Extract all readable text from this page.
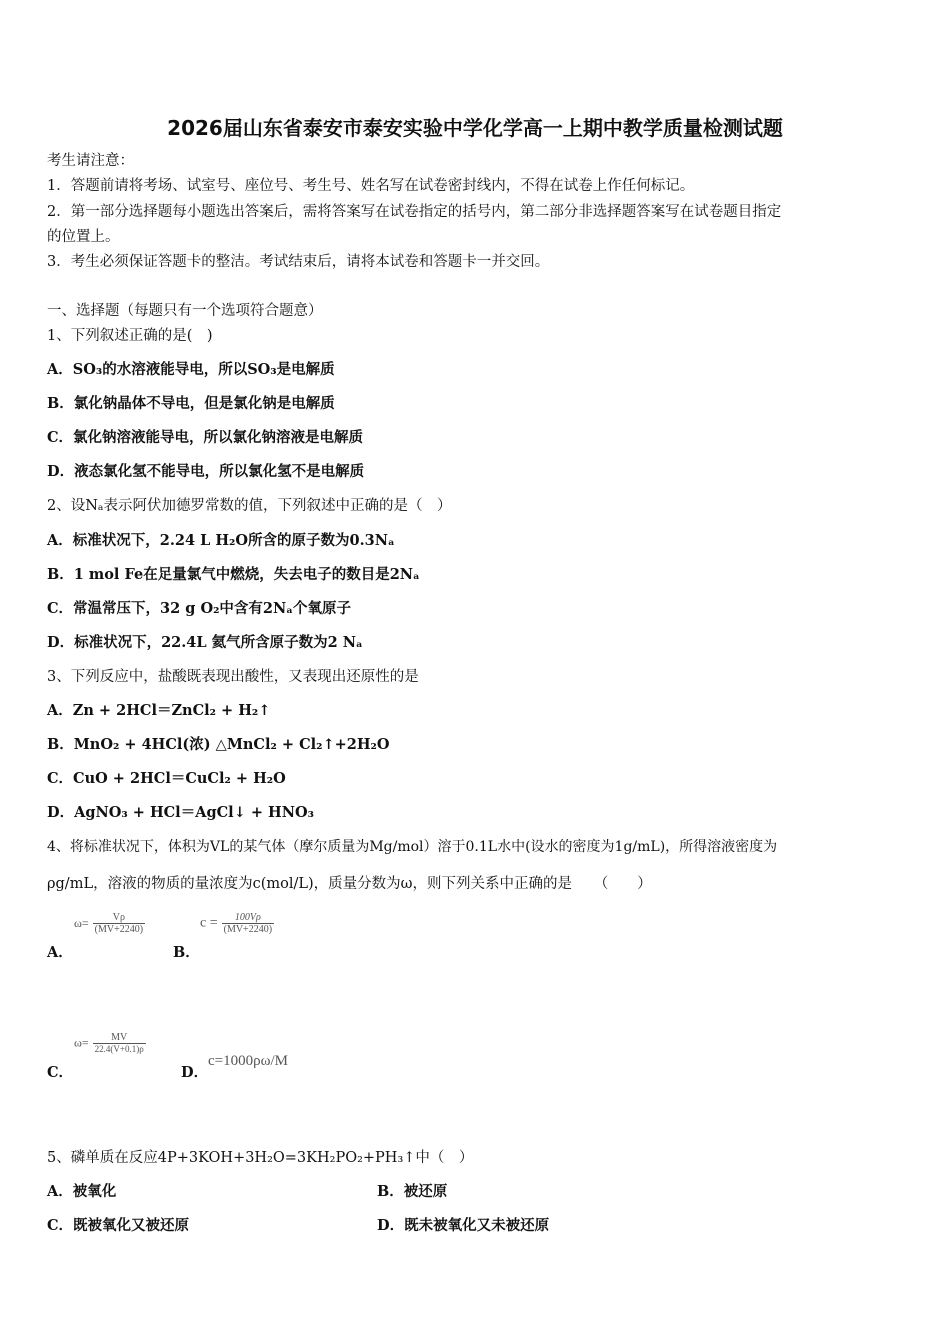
2026届山东省泰安市泰安实验中学化学高一上期中教学质量检测试题
考生请注意：
1．答题前请将考场、试室号、座位号、考生号、姓名写在试卷密封线内，不得在试卷上作任何标记。
2．第一部分选择题每小题选出答案后，需将答案写在试卷指定的括号内，第二部分非选择题答案写在试卷题目指定
的位置上。
3．考生必须保证答题卡的整洁。考试结束后，请将本试卷和答题卡一并交回。
一、选择题（每题只有一个选项符合题意）
1、下列叙述正确的是(　)
A．SO₃的水溶液能导电，所以SO₃是电解质
B．氯化钠晶体不导电，但是氯化钠是电解质
C．氯化钠溶液能导电，所以氯化钠溶液是电解质
D．液态氯化氢不能导电，所以氯化氢不是电解质
2、设Nₐ表示阿伏加德罗常数的值，下列叙述中正确的是（　）
A．标准状况下，2.24 L H₂O所含的原子数为0.3Nₐ
B．1 mol Fe在足量氯气中燃烧，失去电子的数目是2Nₐ
C．常温常压下，32 g O₂中含有2Nₐ个氧原子
D．标准状况下，22.4L 氦气所含原子数为2 Nₐ
3、下列反应中，盐酸既表现出酸性，又表现出还原性的是
A．Zn + 2HCl＝ZnCl₂ + H₂↑
B．MnO₂ + 4HCl(浓) △MnCl₂ + Cl₂↑+2H₂O
C．CuO + 2HCl＝CuCl₂ + H₂O
D．AgNO₃ + HCl＝AgCl↓ + HNO₃
4、将标准状况下，体积为VL的某气体（摩尔质量为Mg/mol）溶于0.1L水中(设水的密度为1g/mL)，所得溶液密度为
ρg/mL，溶液的物质的量浓度为c(mol/L)，质量分数为ω，则下列关系中正确的是　　（　　）
$\omega= \frac{V\rho}{(MV+2240)}$
A．
$c = \frac{100V\rho}{(MV+2240)}$
B．
$\omega= \frac{MV}{22.4(V+0.1)\rho}$
C．	D．
c=1000ρω/M
5、磷单质在反应4P+3KOH+3H₂O=3KH₂PO₂+PH₃↑中（　）
A．被氧化	B．被还原
C．既被氧化又被还原	D．既未被氧化又未被还原
